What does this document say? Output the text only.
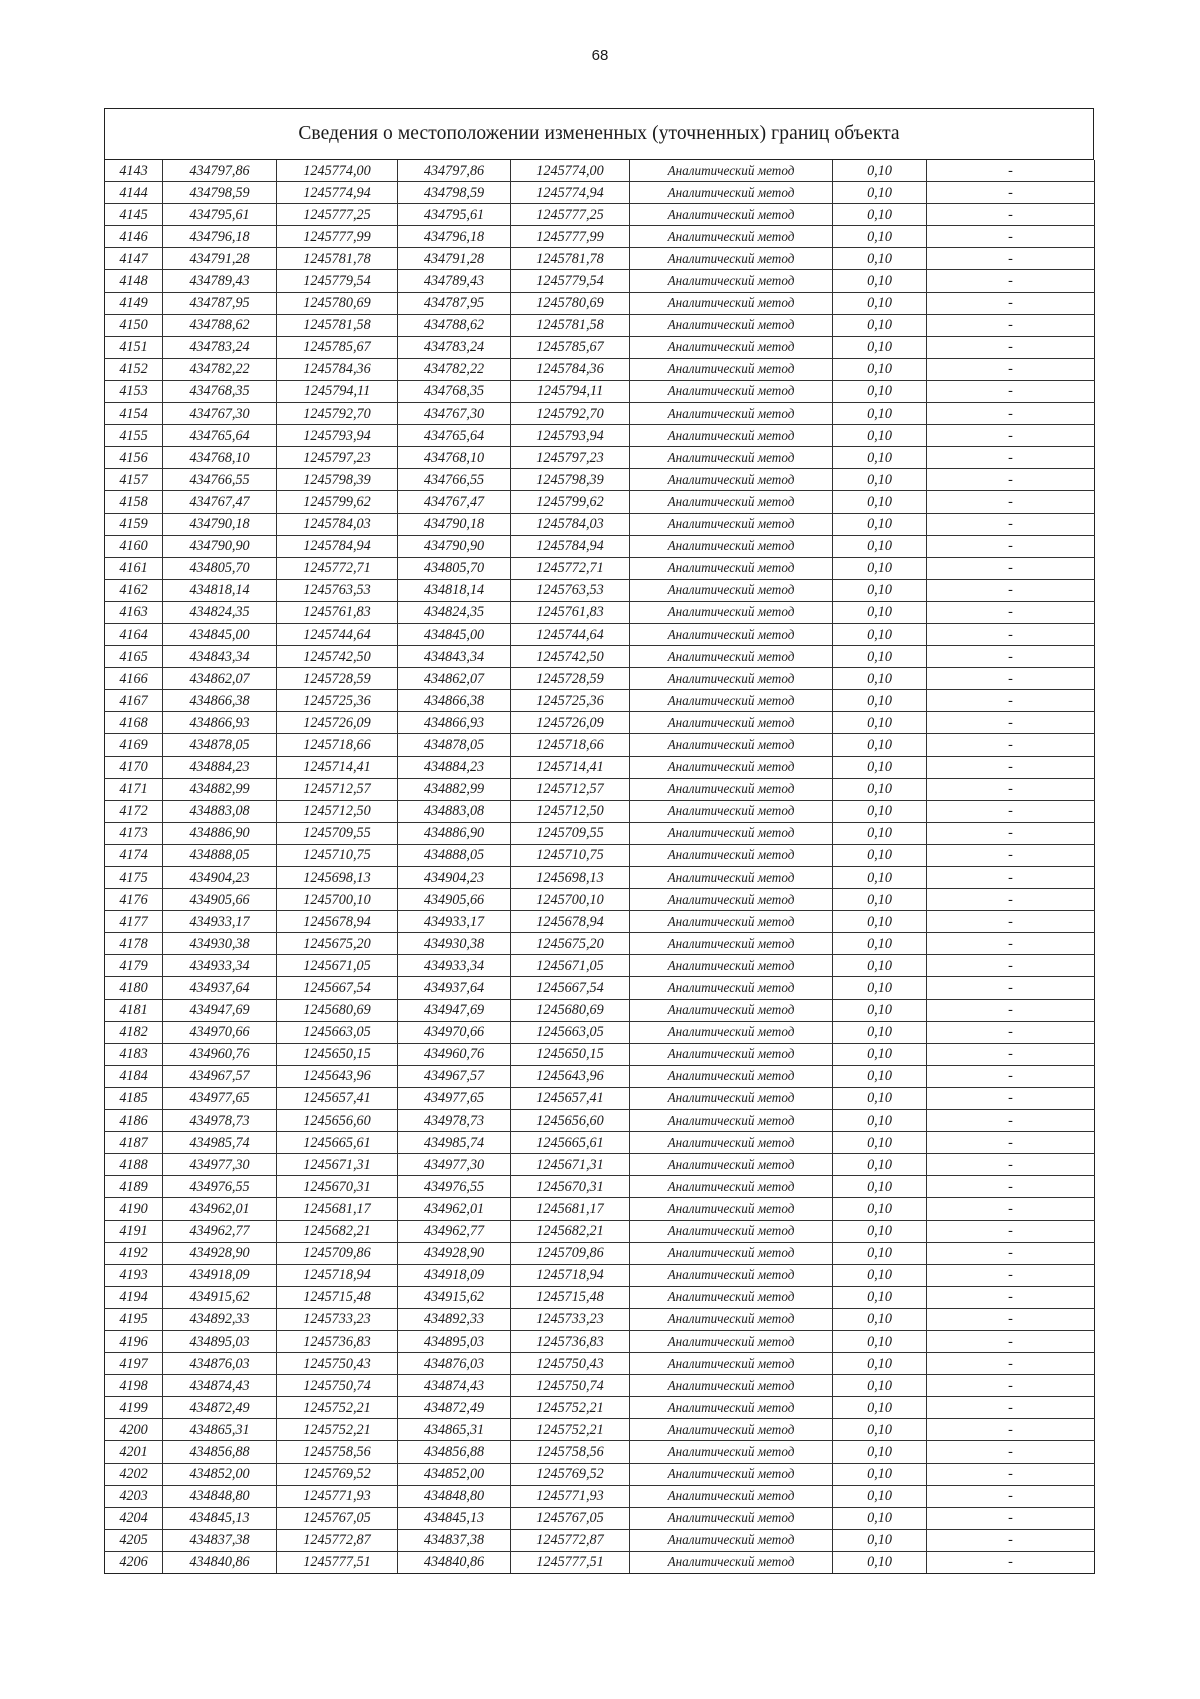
68
Сведения о местоположении измененных (уточненных) границ объекта
4143	434797,86	1245774,00	434797,86	1245774,00	Аналитический метод	0,10	-
4144	434798,59	1245774,94	434798,59	1245774,94	Аналитический метод	0,10	-
4145	434795,61	1245777,25	434795,61	1245777,25	Аналитический метод	0,10	-
4146	434796,18	1245777,99	434796,18	1245777,99	Аналитический метод	0,10	-
4147	434791,28	1245781,78	434791,28	1245781,78	Аналитический метод	0,10	-
4148	434789,43	1245779,54	434789,43	1245779,54	Аналитический метод	0,10	-
4149	434787,95	1245780,69	434787,95	1245780,69	Аналитический метод	0,10	-
4150	434788,62	1245781,58	434788,62	1245781,58	Аналитический метод	0,10	-
4151	434783,24	1245785,67	434783,24	1245785,67	Аналитический метод	0,10	-
4152	434782,22	1245784,36	434782,22	1245784,36	Аналитический метод	0,10	-
4153	434768,35	1245794,11	434768,35	1245794,11	Аналитический метод	0,10	-
4154	434767,30	1245792,70	434767,30	1245792,70	Аналитический метод	0,10	-
4155	434765,64	1245793,94	434765,64	1245793,94	Аналитический метод	0,10	-
4156	434768,10	1245797,23	434768,10	1245797,23	Аналитический метод	0,10	-
4157	434766,55	1245798,39	434766,55	1245798,39	Аналитический метод	0,10	-
4158	434767,47	1245799,62	434767,47	1245799,62	Аналитический метод	0,10	-
4159	434790,18	1245784,03	434790,18	1245784,03	Аналитический метод	0,10	-
4160	434790,90	1245784,94	434790,90	1245784,94	Аналитический метод	0,10	-
4161	434805,70	1245772,71	434805,70	1245772,71	Аналитический метод	0,10	-
4162	434818,14	1245763,53	434818,14	1245763,53	Аналитический метод	0,10	-
4163	434824,35	1245761,83	434824,35	1245761,83	Аналитический метод	0,10	-
4164	434845,00	1245744,64	434845,00	1245744,64	Аналитический метод	0,10	-
4165	434843,34	1245742,50	434843,34	1245742,50	Аналитический метод	0,10	-
4166	434862,07	1245728,59	434862,07	1245728,59	Аналитический метод	0,10	-
4167	434866,38	1245725,36	434866,38	1245725,36	Аналитический метод	0,10	-
4168	434866,93	1245726,09	434866,93	1245726,09	Аналитический метод	0,10	-
4169	434878,05	1245718,66	434878,05	1245718,66	Аналитический метод	0,10	-
4170	434884,23	1245714,41	434884,23	1245714,41	Аналитический метод	0,10	-
4171	434882,99	1245712,57	434882,99	1245712,57	Аналитический метод	0,10	-
4172	434883,08	1245712,50	434883,08	1245712,50	Аналитический метод	0,10	-
4173	434886,90	1245709,55	434886,90	1245709,55	Аналитический метод	0,10	-
4174	434888,05	1245710,75	434888,05	1245710,75	Аналитический метод	0,10	-
4175	434904,23	1245698,13	434904,23	1245698,13	Аналитический метод	0,10	-
4176	434905,66	1245700,10	434905,66	1245700,10	Аналитический метод	0,10	-
4177	434933,17	1245678,94	434933,17	1245678,94	Аналитический метод	0,10	-
4178	434930,38	1245675,20	434930,38	1245675,20	Аналитический метод	0,10	-
4179	434933,34	1245671,05	434933,34	1245671,05	Аналитический метод	0,10	-
4180	434937,64	1245667,54	434937,64	1245667,54	Аналитический метод	0,10	-
4181	434947,69	1245680,69	434947,69	1245680,69	Аналитический метод	0,10	-
4182	434970,66	1245663,05	434970,66	1245663,05	Аналитический метод	0,10	-
4183	434960,76	1245650,15	434960,76	1245650,15	Аналитический метод	0,10	-
4184	434967,57	1245643,96	434967,57	1245643,96	Аналитический метод	0,10	-
4185	434977,65	1245657,41	434977,65	1245657,41	Аналитический метод	0,10	-
4186	434978,73	1245656,60	434978,73	1245656,60	Аналитический метод	0,10	-
4187	434985,74	1245665,61	434985,74	1245665,61	Аналитический метод	0,10	-
4188	434977,30	1245671,31	434977,30	1245671,31	Аналитический метод	0,10	-
4189	434976,55	1245670,31	434976,55	1245670,31	Аналитический метод	0,10	-
4190	434962,01	1245681,17	434962,01	1245681,17	Аналитический метод	0,10	-
4191	434962,77	1245682,21	434962,77	1245682,21	Аналитический метод	0,10	-
4192	434928,90	1245709,86	434928,90	1245709,86	Аналитический метод	0,10	-
4193	434918,09	1245718,94	434918,09	1245718,94	Аналитический метод	0,10	-
4194	434915,62	1245715,48	434915,62	1245715,48	Аналитический метод	0,10	-
4195	434892,33	1245733,23	434892,33	1245733,23	Аналитический метод	0,10	-
4196	434895,03	1245736,83	434895,03	1245736,83	Аналитический метод	0,10	-
4197	434876,03	1245750,43	434876,03	1245750,43	Аналитический метод	0,10	-
4198	434874,43	1245750,74	434874,43	1245750,74	Аналитический метод	0,10	-
4199	434872,49	1245752,21	434872,49	1245752,21	Аналитический метод	0,10	-
4200	434865,31	1245752,21	434865,31	1245752,21	Аналитический метод	0,10	-
4201	434856,88	1245758,56	434856,88	1245758,56	Аналитический метод	0,10	-
4202	434852,00	1245769,52	434852,00	1245769,52	Аналитический метод	0,10	-
4203	434848,80	1245771,93	434848,80	1245771,93	Аналитический метод	0,10	-
4204	434845,13	1245767,05	434845,13	1245767,05	Аналитический метод	0,10	-
4205	434837,38	1245772,87	434837,38	1245772,87	Аналитический метод	0,10	-
4206	434840,86	1245777,51	434840,86	1245777,51	Аналитический метод	0,10	-
